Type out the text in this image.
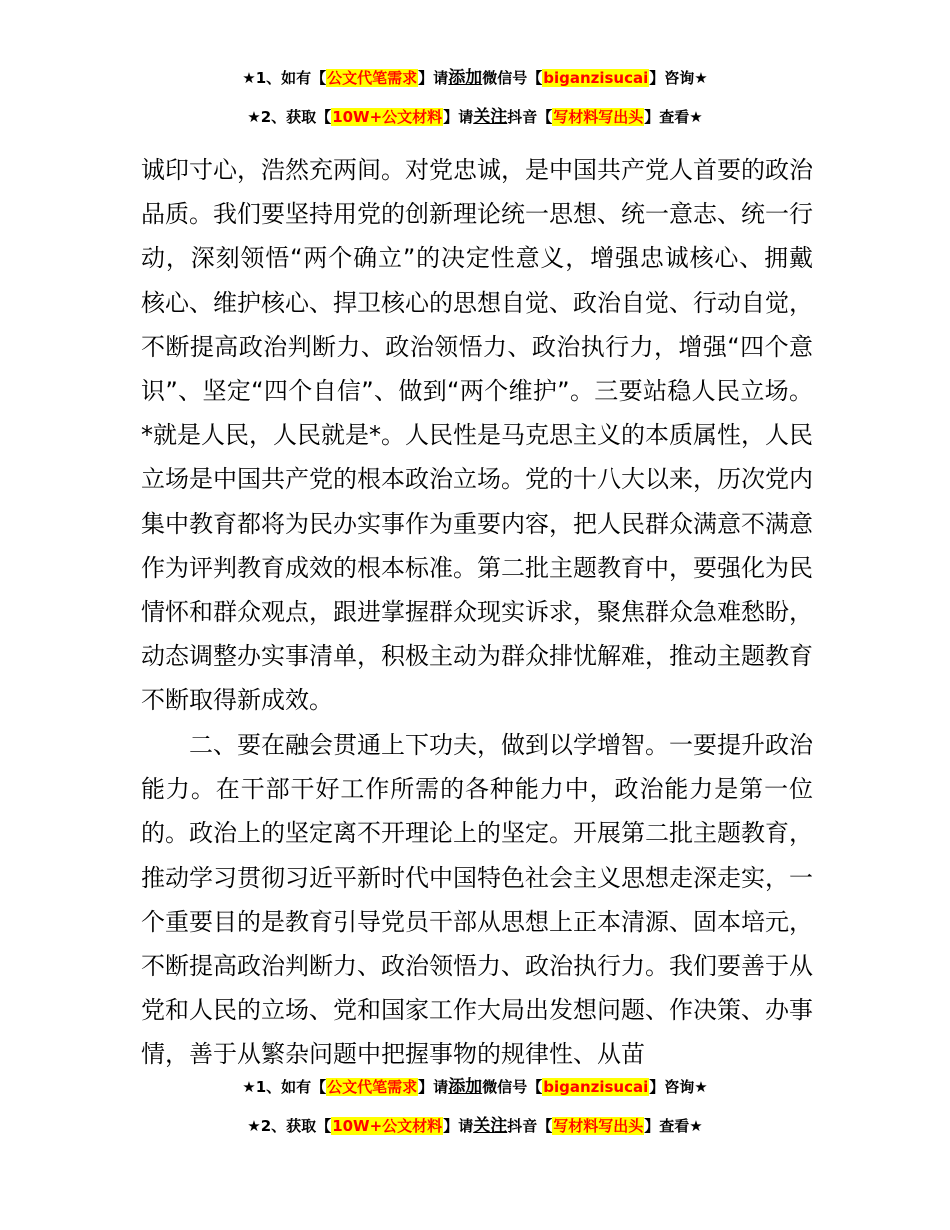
★1、如有【公文代笔需求】请添加微信号【biganzisucai】咨询★
★2、获取【10W+公文材料】请关注抖音【写材料写出头】查看★

诚印寸心，浩然充两间。对党忠诚，是中国共产党人首要的政治品质。我们要坚持用党的创新理论统一思想、统一意志、统一行动，深刻领悟“两个确立”的决定性意义，增强忠诚核心、拥戴核心、维护核心、捍卫核心的思想自觉、政治自觉、行动自觉，不断提高政治判断力、政治领悟力、政治执行力，增强“四个意识”、坚定“四个自信”、做到“两个维护”。三要站稳人民立场。*就是人民，人民就是*。人民性是马克思主义的本质属性，人民立场是中国共产党的根本政治立场。党的十八大以来，历次党内集中教育都将为民办实事作为重要内容，把人民群众满意不满意作为评判教育成效的根本标准。第二批主题教育中，要强化为民情怀和群众观点，跟进掌握群众现实诉求，聚焦群众急难愁盼，动态调整办实事清单，积极主动为群众排忧解难，推动主题教育不断取得新成效。

二、要在融会贯通上下功夫，做到以学增智。一要提升政治能力。在干部干好工作所需的各种能力中，政治能力是第一位的。政治上的坚定离不开理论上的坚定。开展第二批主题教育，推动学习贯彻习近平新时代中国特色社会主义思想走深走实，一个重要目的是教育引导党员干部从思想上正本清源、固本培元，不断提高政治判断力、政治领悟力、政治执行力。我们要善于从党和人民的立场、党和国家工作大局出发想问题、作决策、办事情，善于从繁杂问题中把握事物的规律性、从苗

★1、如有【公文代笔需求】请添加微信号【biganzisucai】咨询★
★2、获取【10W+公文材料】请关注抖音【写材料写出头】查看★
